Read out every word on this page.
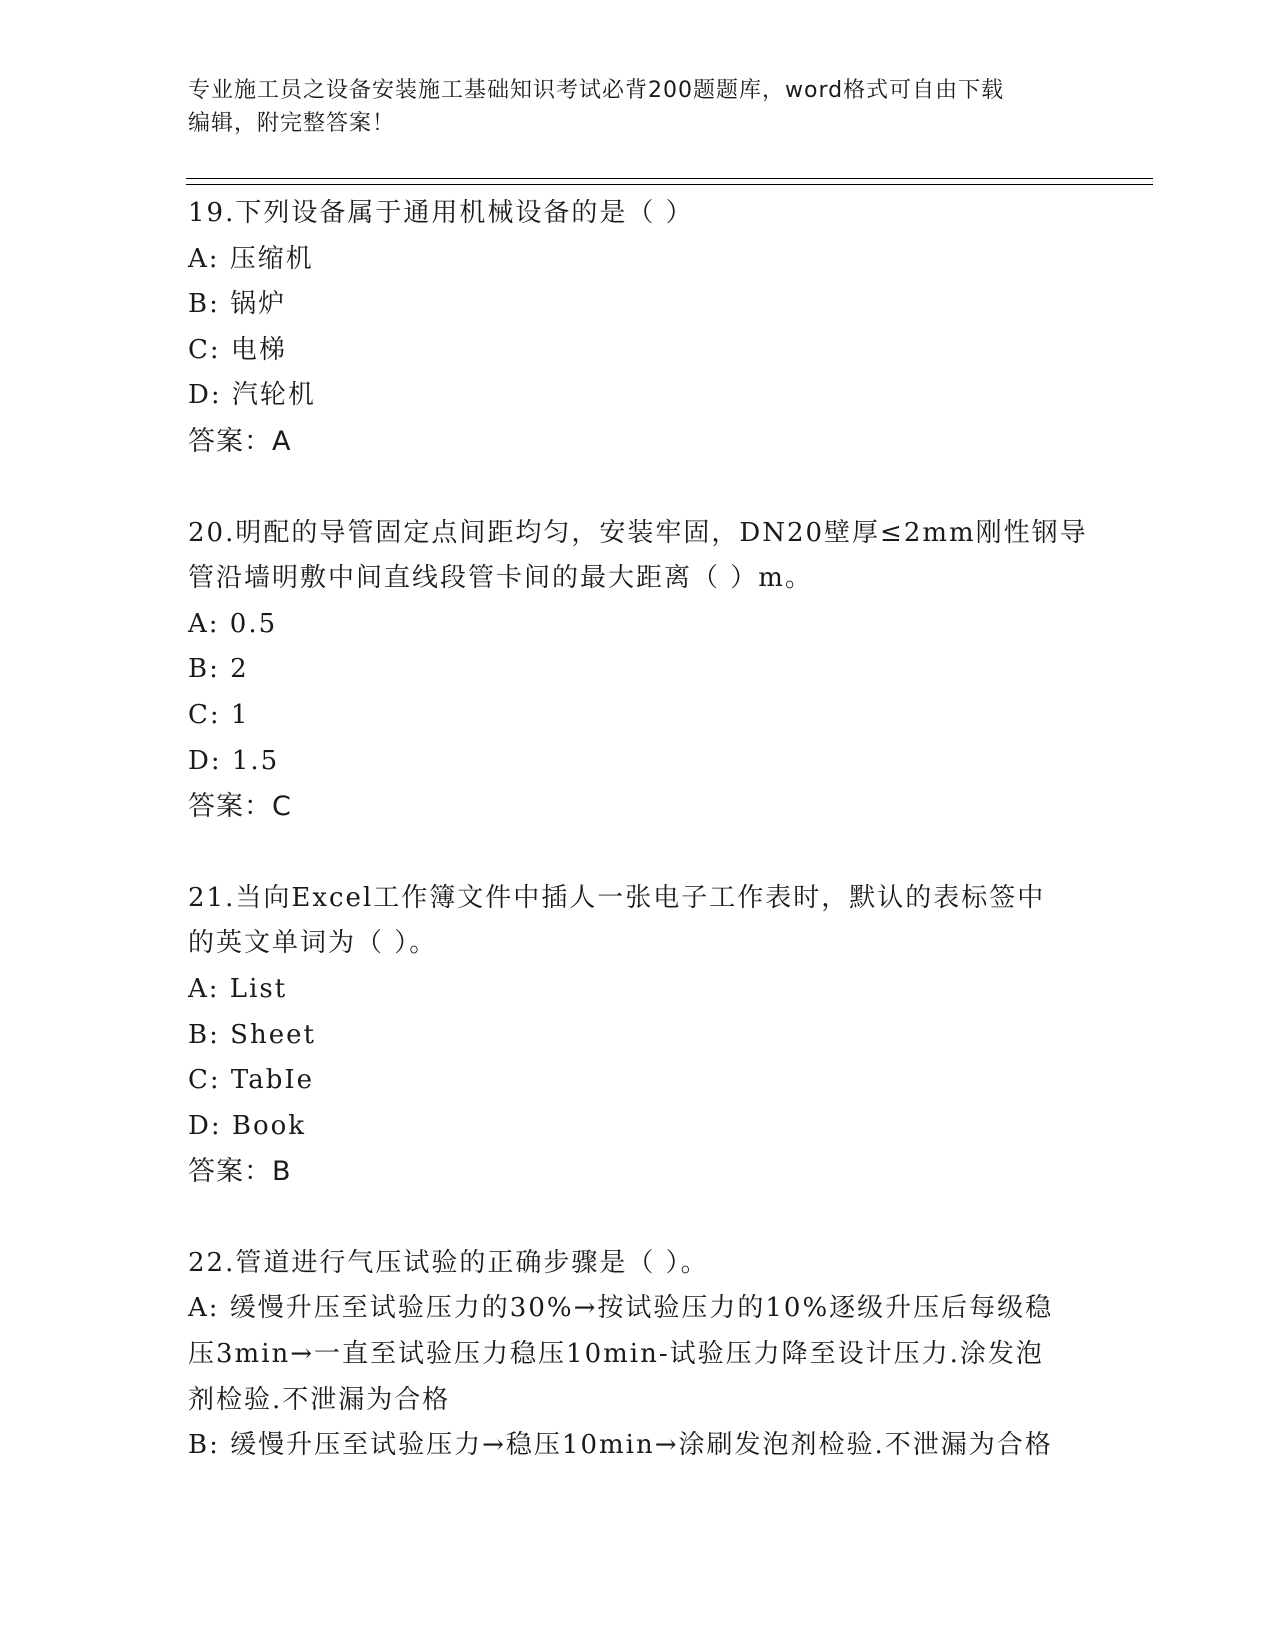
专业施工员之设备安装施工基础知识考试必背200题题库，word格式可自由下载
编辑，附完整答案！
19.下列设备属于通用机械设备的是（ ）
A: 压缩机
B: 锅炉
C: 电梯
D: 汽轮机
答案：A
20.明配的导管固定点间距均匀，安装牢固，DN20壁厚≤2mm刚性钢导
管沿墙明敷中间直线段管卡间的最大距离（ ）m。
A: 0.5
B: 2
C: 1
D: 1.5
答案：C
21.当向Excel工作簿文件中插人一张电子工作表时，默认的表标签中
的英文单词为（ ）。
A: List
B: Sheet
C: TabIe
D: Book
答案：B
22.管道进行气压试验的正确步骤是（ ）。
A: 缓慢升压至试验压力的30%→按试验压力的10%逐级升压后每级稳
压3min→一直至试验压力稳压10min-试验压力降至设计压力.涂发泡
剂检验.不泄漏为合格
B: 缓慢升压至试验压力→稳压10min→涂刷发泡剂检验.不泄漏为合格
